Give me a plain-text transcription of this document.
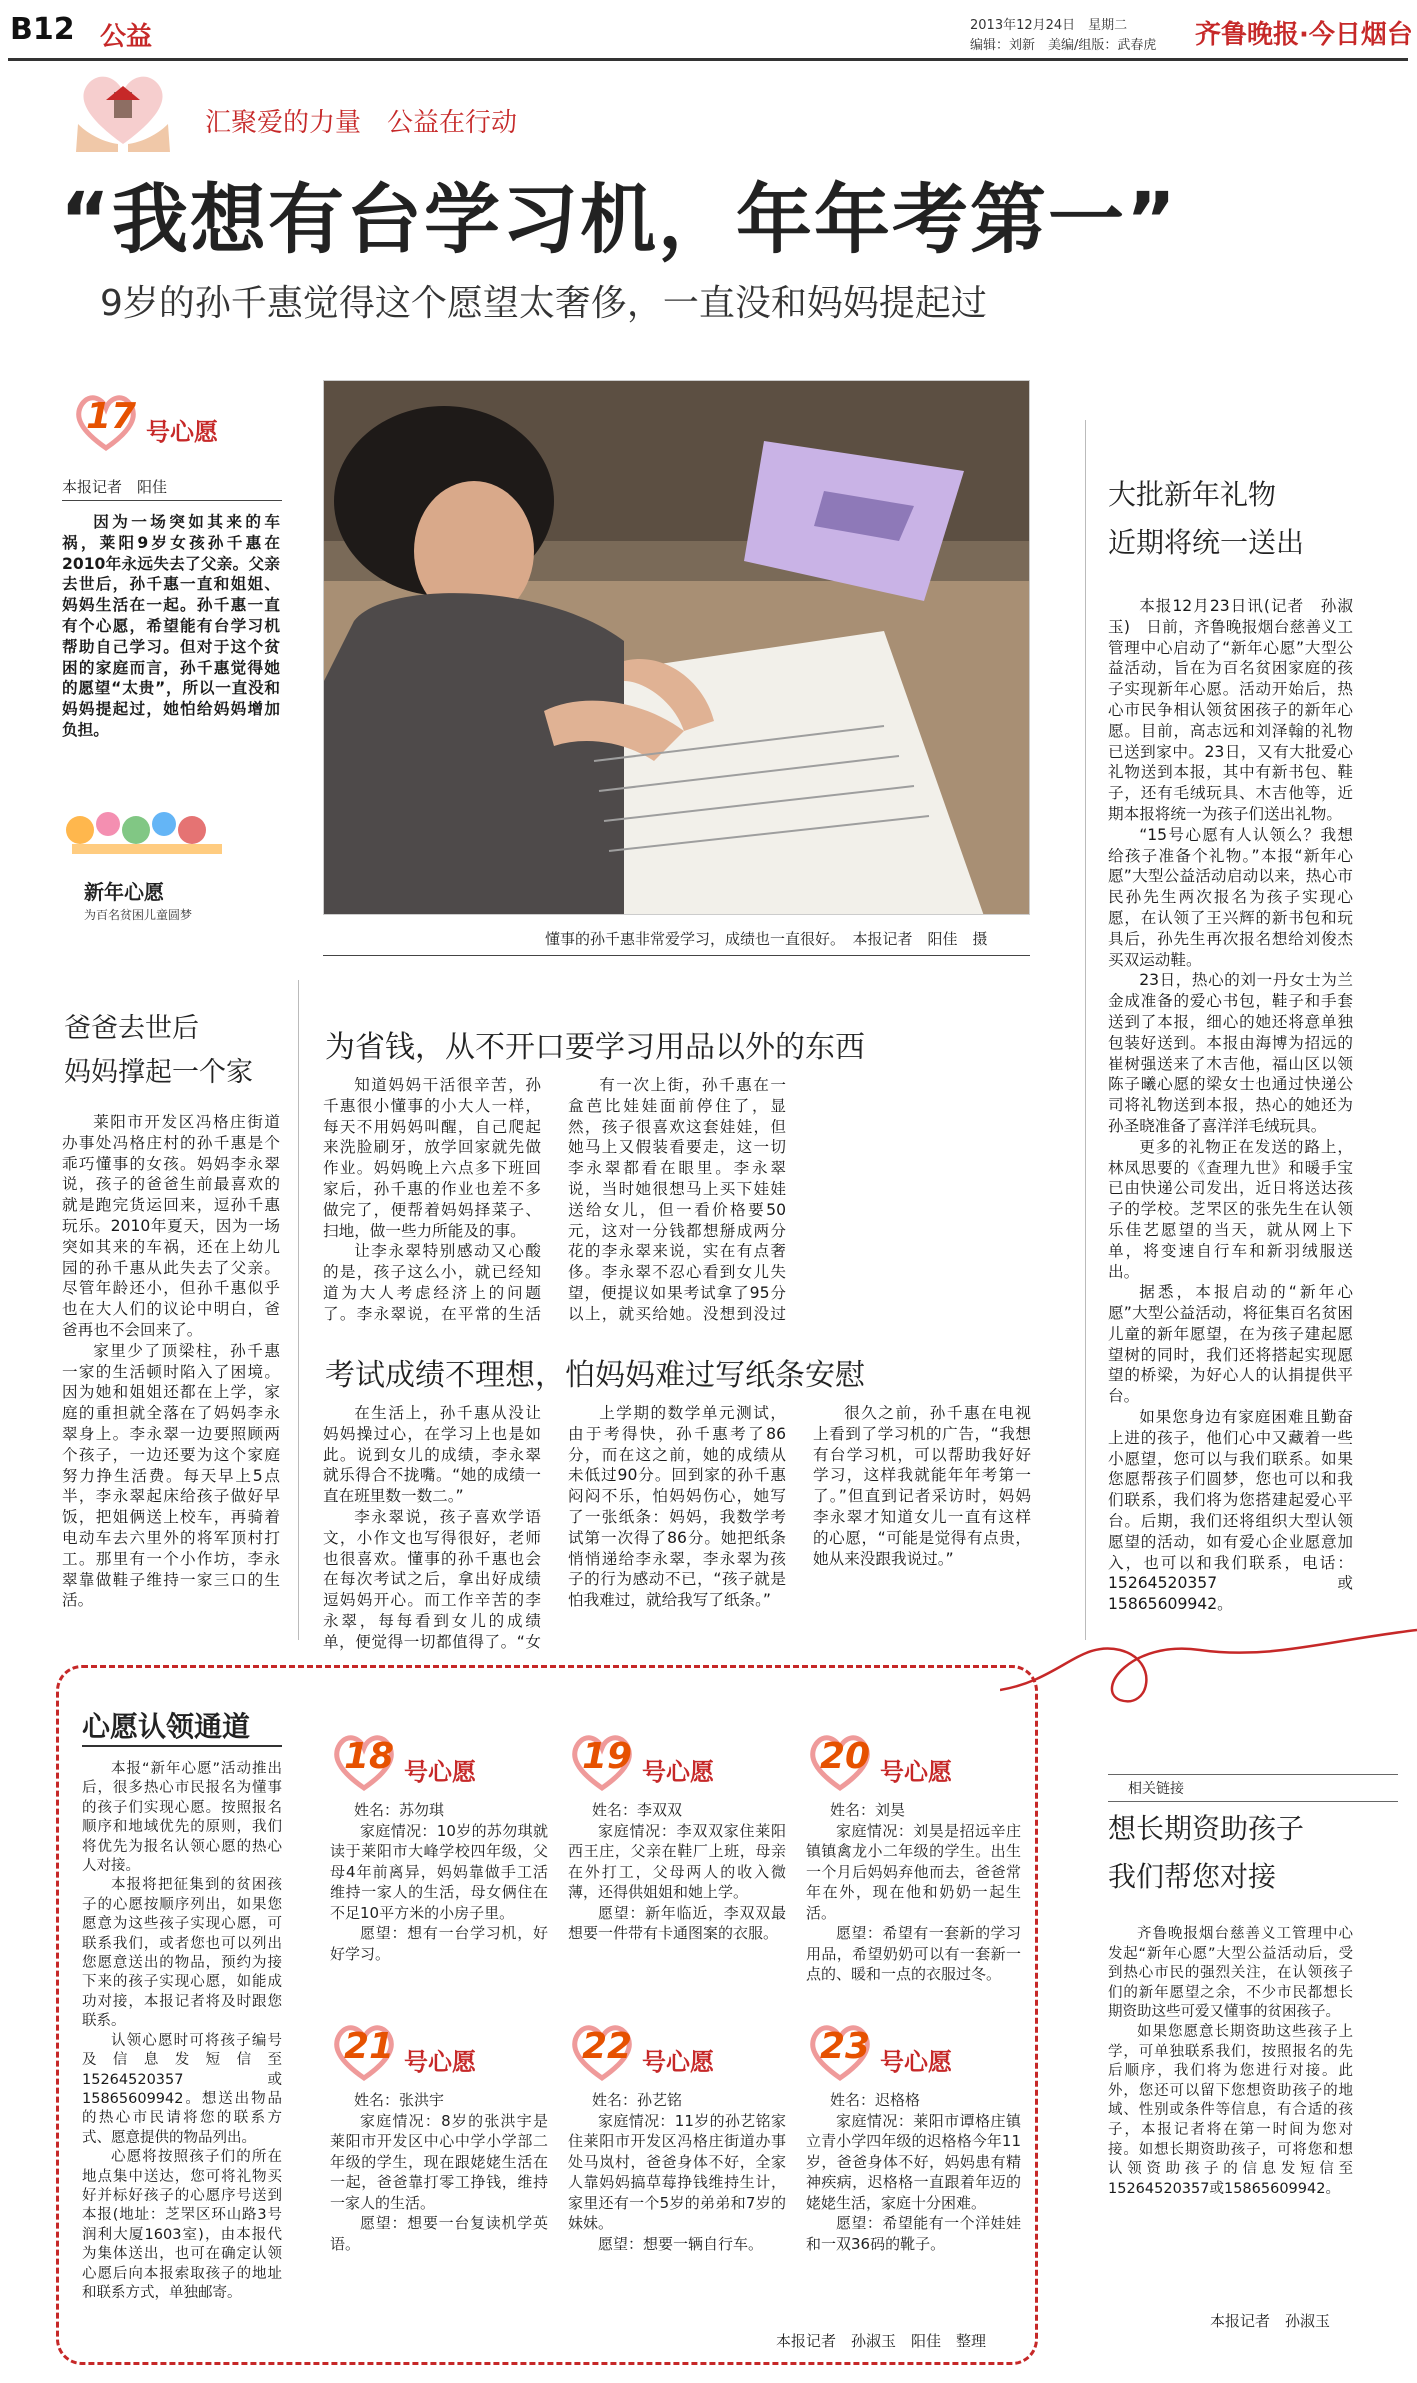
B12 公益	2013年12月24日　星期二
编辑：刘新　美编/组版：武春虎 齐鲁晚报·今日烟台
汇聚爱的力量　公益在行动
“我想有台学习机，年年考第一”
9岁的孙千惠觉得这个愿望太奢侈，一直没和妈妈提起过
17 号心愿
本报记者　阳佳

因为一场突如其来的车祸，莱阳9岁女孩孙千惠在2010年永远失去了父亲。父亲去世后，孙千惠一直和姐姐、妈妈生活在一起。孙千惠一直有个心愿，希望能有台学习机帮助自己学习。但对于这个贫困的家庭而言，孙千惠觉得她的愿望“太贵”，所以一直没和妈妈提起过，她怕给妈妈增加负担。

新年心愿
为百名贫困儿童圆梦
懂事的孙千惠非常爱学习，成绩也一直很好。　本报记者　阳佳　摄
爸爸去世后
妈妈撑起一个家

莱阳市开发区冯格庄街道办事处冯格庄村的孙千惠是个乖巧懂事的女孩。妈妈李永翠说，孩子的爸爸生前最喜欢的就是跑完货运回来，逗孙千惠玩乐。2010年夏天，因为一场突如其来的车祸，还在上幼儿园的孙千惠从此失去了父亲。尽管年龄还小，但孙千惠似乎也在大人们的议论中明白，爸爸再也不会回来了。

家里少了顶梁柱，孙千惠一家的生活顿时陷入了困境。因为她和姐姐还都在上学，家庭的重担就全落在了妈妈李永翠身上。李永翠一边要照顾两个孩子，一边还要为这个家庭努力挣生活费。每天早上5点半，李永翠起床给孩子做好早饭，把姐俩送上校车，再骑着电动车去六里外的将军顶村打工。那里有一个小作坊，李永翠靠做鞋子维持一家三口的生活。

为省钱，从不开口要学习用品以外的东西

知道妈妈干活很辛苦，孙千惠很小懂事的小大人一样，每天不用妈妈叫醒，自己爬起来洗脸刷牙，放学回家就先做作业。妈妈晚上六点多下班回家后，孙千惠的作业也差不多做完了，便帮着妈妈择菜子、扫地，做一些力所能及的事。

让李永翠特别感动又心酸的是，孩子这么小，就已经知道为大人考虑经济上的问题了。李永翠说，在平常的生活

有一次上街，孙千惠在一盒芭比娃娃面前停住了，显然，孩子很喜欢这套娃娃，但她马上又假装看要走，这一切李永翠都看在眼里。李永翠说，当时她很想马上买下娃娃送给女儿，但一看价格要50元，这对一分钱都想掰成两分花的李永翠来说，实在有点奢侈。李永翠不忍心看到女儿失望，便提议如果考试拿了95分以上，就买给她。没想到没过

考试成绩不理想，怕妈妈难过写纸条安慰

在生活上，孙千惠从没让妈妈操过心，在学习上也是如此。说到女儿的成绩，李永翠就乐得合不拢嘴。“她的成绩一直在班里数一数二。”

李永翠说，孩子喜欢学语文，小作文也写得很好，老师也很喜欢。懂事的孙千惠也会在每次考试之后，拿出好成绩逗妈妈开心。而工作辛苦的李永翠，每每看到女儿的成绩单，便觉得一切都值得了。“女

上学期的数学单元测试，由于考得快，孙千惠考了86分，而在这之前，她的成绩从未低过90分。回到家的孙千惠闷闷不乐，怕妈妈伤心，她写了一张纸条：妈妈，我数学考试第一次得了86分。她把纸条悄悄递给李永翠，李永翠为孩子的行为感动不已，“孩子就是怕我难过，就给我写了纸条。”

很久之前，孙千惠在电视上看到了学习机的广告，“我想有台学习机，可以帮助我好好学习，这样我就能年年考第一了。”但直到记者采访时，妈妈李永翠才知道女儿一直有这样的心愿，“可能是觉得有点贵，她从来没跟我说过。”

大批新年礼物
近期将统一送出

本报12月23日讯(记者　孙淑玉)　日前，齐鲁晚报烟台慈善义工管理中心启动了“新年心愿”大型公益活动，旨在为百名贫困家庭的孩子实现新年心愿。活动开始后，热心市民争相认领贫困孩子的新年心愿。目前，高志远和刘泽翰的礼物已送到家中。23日，又有大批爱心礼物送到本报，其中有新书包、鞋子，还有毛绒玩具、木吉他等，近期本报将统一为孩子们送出礼物。

“15号心愿有人认领么？我想给孩子准备个礼物。”本报“新年心愿”大型公益活动启动以来，热心市民孙先生两次报名为孩子实现心愿，在认领了王兴辉的新书包和玩具后，孙先生再次报名想给刘俊杰买双运动鞋。

23日，热心的刘一丹女士为兰金成准备的爱心书包，鞋子和手套送到了本报，细心的她还将意单独包装好送到。本报由海博为招远的崔树强送来了木吉他，福山区以领陈子曦心愿的梁女士也通过快递公司将礼物送到本报，热心的她还为孙圣晓准备了喜洋洋毛绒玩具。

更多的礼物正在发送的路上，林凤思要的《查理九世》和暖手宝已由快递公司发出，近日将送达孩子的学校。芝罘区的张先生在认领乐佳艺愿望的当天，就从网上下单，将变速自行车和新羽绒服送出。

据悉，本报启动的“新年心愿”大型公益活动，将征集百名贫困儿童的新年愿望，在为孩子建起愿望树的同时，我们还将搭起实现愿望的桥梁，为好心人的认捐提供平台。

如果您身边有家庭困难且勤奋上进的孩子，他们心中又藏着一些小愿望，您可以与我们联系。如果您愿帮孩子们圆梦，您也可以和我们联系，我们将为您搭建起爱心平台。后期，我们还将组织大型认领愿望的活动，如有爱心企业愿意加入，也可以和我们联系，电话：15264520357或15865609942。

心愿认领通道

本报“新年心愿”活动推出后，很多热心市民报名为懂事的孩子们实现心愿。按照报名顺序和地域优先的原则，我们将优先为报名认领心愿的热心人对接。

本报将把征集到的贫困孩子的心愿按顺序列出，如果您愿意为这些孩子实现心愿，可联系我们，或者您也可以列出您愿意送出的物品，预约为接下来的孩子实现心愿，如能成功对接，本报记者将及时跟您联系。

认领心愿时可将孩子编号及信息发短信至15264520357或15865609942。想送出物品的热心市民请将您的联系方式、愿意提供的物品列出。

心愿将按照孩子们的所在地点集中送达，您可将礼物买好并标好孩子的心愿序号送到本报(地址：芝罘区环山路3号润利大厦1603室)，由本报代为集体送出，也可在确定认领心愿后向本报索取孩子的地址和联系方式，单独邮寄。

18 号心愿
姓名：苏勿琪
家庭情况：10岁的苏勿琪就读于莱阳市大峰学校四年级，父母4年前离异，妈妈靠做手工活维持一家人的生活，母女俩住在不足10平方米的小房子里。
愿望：想有一台学习机，好好学习。
19 号心愿
姓名：李双双
家庭情况：李双双家住莱阳西王庄，父亲在鞋厂上班，母亲在外打工，父母两人的收入微薄，还得供姐姐和她上学。
愿望：新年临近，李双双最想要一件带有卡通图案的衣服。
20 号心愿
姓名：刘昊
家庭情况：刘昊是招远辛庄镇镇禽龙小二年级的学生。出生一个月后妈妈弃他而去，爸爸常年在外，现在他和奶奶一起生活。
愿望：希望有一套新的学习用品，希望奶奶可以有一套新一点的、暖和一点的衣服过冬。
21 号心愿
姓名：张洪宇
家庭情况：8岁的张洪宇是莱阳市开发区中心中学小学部二年级的学生，现在跟姥姥生活在一起，爸爸靠打零工挣钱，维持一家人的生活。
愿望：想要一台复读机学英语。
22 号心愿
姓名：孙艺铭
家庭情况：11岁的孙艺铭家住莱阳市开发区冯格庄街道办事处马岚村，爸爸身体不好，全家人靠妈妈搞草莓挣钱维持生计，家里还有一个5岁的弟弟和7岁的妹妹。
愿望：想要一辆自行车。
23 号心愿
姓名：迟格格
家庭情况：莱阳市谭格庄镇立青小学四年级的迟格格今年11岁，爸爸身体不好，妈妈患有精神疾病，迟格格一直跟着年迈的姥姥生活，家庭十分困难。
愿望：希望能有一个洋娃娃和一双36码的靴子。
本报记者　孙淑玉　阳佳　整理
相关链接
想长期资助孩子
我们帮您对接

齐鲁晚报烟台慈善义工管理中心发起“新年心愿”大型公益活动后，受到热心市民的强烈关注，在认领孩子们的新年愿望之余，不少市民都想长期资助这些可爱又懂事的贫困孩子。

如果您愿意长期资助这些孩子上学，可单独联系我们，按照报名的先后顺序，我们将为您进行对接。此外，您还可以留下您想资助孩子的地域、性别或条件等信息，有合适的孩子，本报记者将在第一时间为您对接。如想长期资助孩子，可将您和想认领资助孩子的信息发短信至15264520357或15865609942。

本报记者　孙淑玉
